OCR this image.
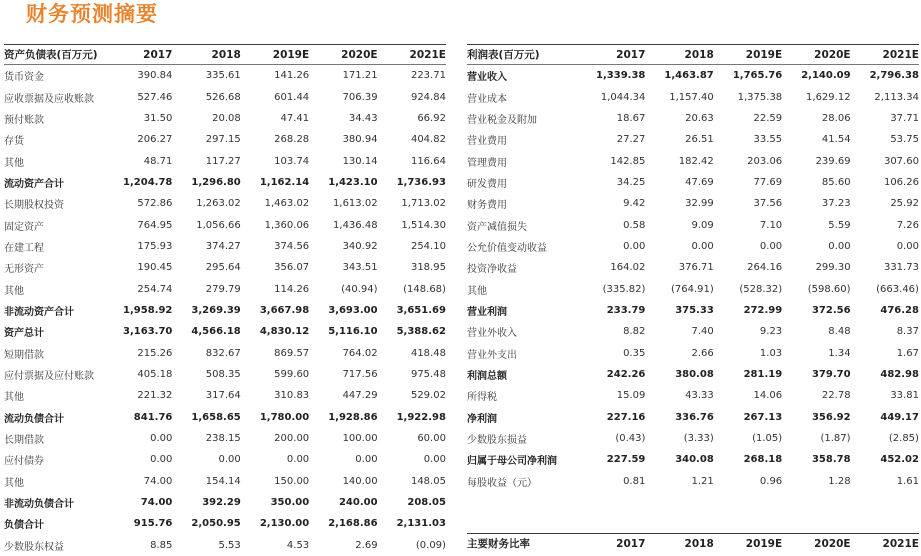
财务预测摘要
资产负债表(百万元)	2017	2018	2019E	2020E	2021E
货币资金	390.84	335.61	141.26	171.21	223.71
应收票据及应收账款	527.46	526.68	601.44	706.39	924.84
预付账款	31.50	20.08	47.41	34.43	66.92
存货	206.27	297.15	268.28	380.94	404.82
其他	48.71	117.27	103.74	130.14	116.64
流动资产合计	1,204.78	1,296.80	1,162.14	1,423.10	1,736.93
长期股权投资	572.86	1,263.02	1,463.02	1,613.02	1,713.02
固定资产	764.95	1,056.66	1,360.06	1,436.48	1,514.30
在建工程	175.93	374.27	374.56	340.92	254.10
无形资产	190.45	295.64	356.07	343.51	318.95
其他	254.74	279.79	114.26	(40.94)	(148.68)
非流动资产合计	1,958.92	3,269.39	3,667.98	3,693.00	3,651.69
资产总计	3,163.70	4,566.18	4,830.12	5,116.10	5,388.62
短期借款	215.26	832.67	869.57	764.02	418.48
应付票据及应付账款	405.18	508.35	599.60	717.56	975.48
其他	221.32	317.64	310.83	447.29	529.02
流动负债合计	841.76	1,658.65	1,780.00	1,928.86	1,922.98
长期借款	0.00	238.15	200.00	100.00	60.00
应付债券	0.00	0.00	0.00	0.00	0.00
其他	74.00	154.14	150.00	140.00	148.05
非流动负债合计	74.00	392.29	350.00	240.00	208.05
负债合计	915.76	2,050.95	2,130.00	2,168.86	2,131.03
少数股东权益	8.85	5.53	4.53	2.69	(0.09)
利润表(百万元)	2017	2018	2019E	2020E	2021E
营业收入	1,339.38	1,463.87	1,765.76	2,140.09	2,796.38
营业成本	1,044.34	1,157.40	1,375.38	1,629.12	2,113.34
营业税金及附加	18.67	20.63	22.59	28.06	37.71
营业费用	27.27	26.51	33.55	41.54	53.75
管理费用	142.85	182.42	203.06	239.69	307.60
研发费用	34.25	47.69	77.69	85.60	106.26
财务费用	9.42	32.99	37.56	37.23	25.92
资产减值损失	0.58	9.09	7.10	5.59	7.26
公允价值变动收益	0.00	0.00	0.00	0.00	0.00
投资净收益	164.02	376.71	264.16	299.30	331.73
其他	(335.82)	(764.91)	(528.32)	(598.60)	(663.46)
营业利润	233.79	375.33	272.99	372.56	476.28
营业外收入	8.82	7.40	9.23	8.48	8.37
营业外支出	0.35	2.66	1.03	1.34	1.67
利润总额	242.26	380.08	281.19	379.70	482.98
所得税	15.09	43.33	14.06	22.78	33.81
净利润	227.16	336.76	267.13	356.92	449.17
少数股东损益	(0.43)	(3.33)	(1.05)	(1.87)	(2.85)
归属于母公司净利润	227.59	340.08	268.18	358.78	452.02
每股收益（元）	0.81	1.21	0.96	1.28	1.61
主要财务比率	2017	2018	2019E	2020E	2021E
